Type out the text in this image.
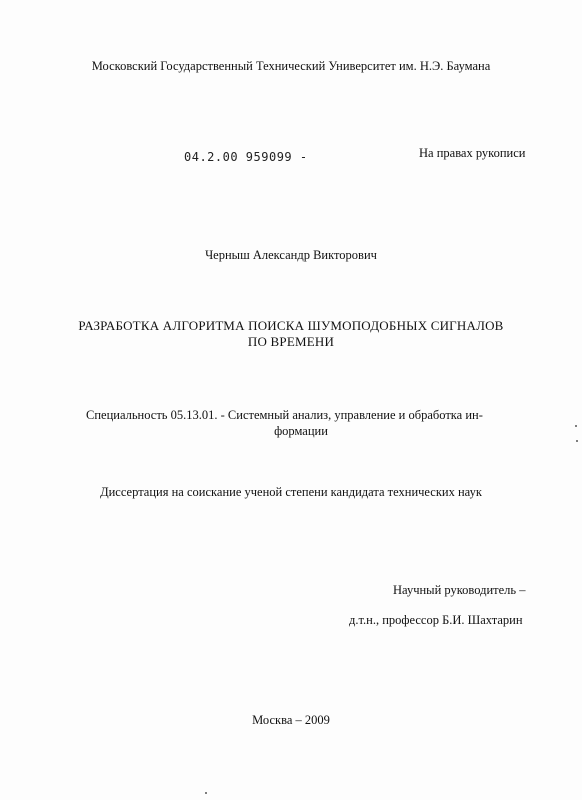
Московский Государственный Технический Университет им. Н.Э. Баумана
04.2.00 959099 -	На правах рукописи
Черныш Александр Викторович
РАЗРАБОТКА АЛГОРИТМА ПОИСКА ШУМОПОДОБНЫХ СИГНАЛОВ
ПО ВРЕМЕНИ
Специальность 05.13.01. - Системный анализ, управление и обработка ин-
формации
Диссертация на соискание ученой степени кандидата технических наук
Научный руководитель –
д.т.н., профессор Б.И. Шахтарин
Москва – 2009
